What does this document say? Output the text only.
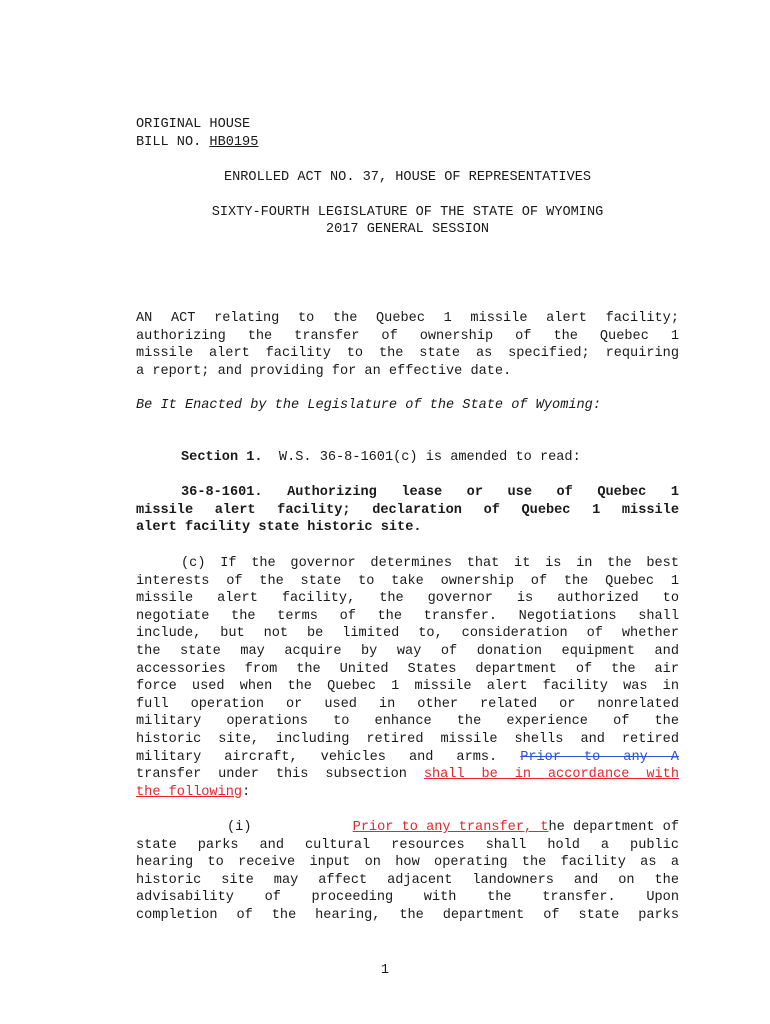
ORIGINAL HOUSE
BILL NO. HB0195
ENROLLED ACT NO. 37, HOUSE OF REPRESENTATIVES
SIXTY-FOURTH LEGISLATURE OF THE STATE OF WYOMING
2017 GENERAL SESSION
AN ACT relating to the Quebec 1 missile alert facility;
authorizing the transfer of ownership of the Quebec 1
missile alert facility to the state as specified; requiring
a report; and providing for an effective date.
Be It Enacted by the Legislature of the State of Wyoming:
Section 1. W.S. 36-8-1601(c) is amended to read:
36-8-1601. Authorizing lease or use of Quebec 1
missile alert facility; declaration of Quebec 1 missile
alert facility state historic site.
(c) If the governor determines that it is in the best
interests of the state to take ownership of the Quebec 1
missile alert facility, the governor is authorized to
negotiate the terms of the transfer. Negotiations shall
include, but not be limited to, consideration of whether
the state may acquire by way of donation equipment and
accessories from the United States department of the air
force used when the Quebec 1 missile alert facility was in
full operation or used in other related or nonrelated
military operations to enhance the experience of the
historic site, including retired missile shells and retired
military aircraft, vehicles and arms. Prior to any A
transfer under this subsection shall be in accordance with
the following:
(i)	Prior to any transfer, the department of
state parks and cultural resources shall hold a public
hearing to receive input on how operating the facility as a
historic site may affect adjacent landowners and on the
advisability of proceeding with the transfer. Upon
completion of the hearing, the department of state parks
1
